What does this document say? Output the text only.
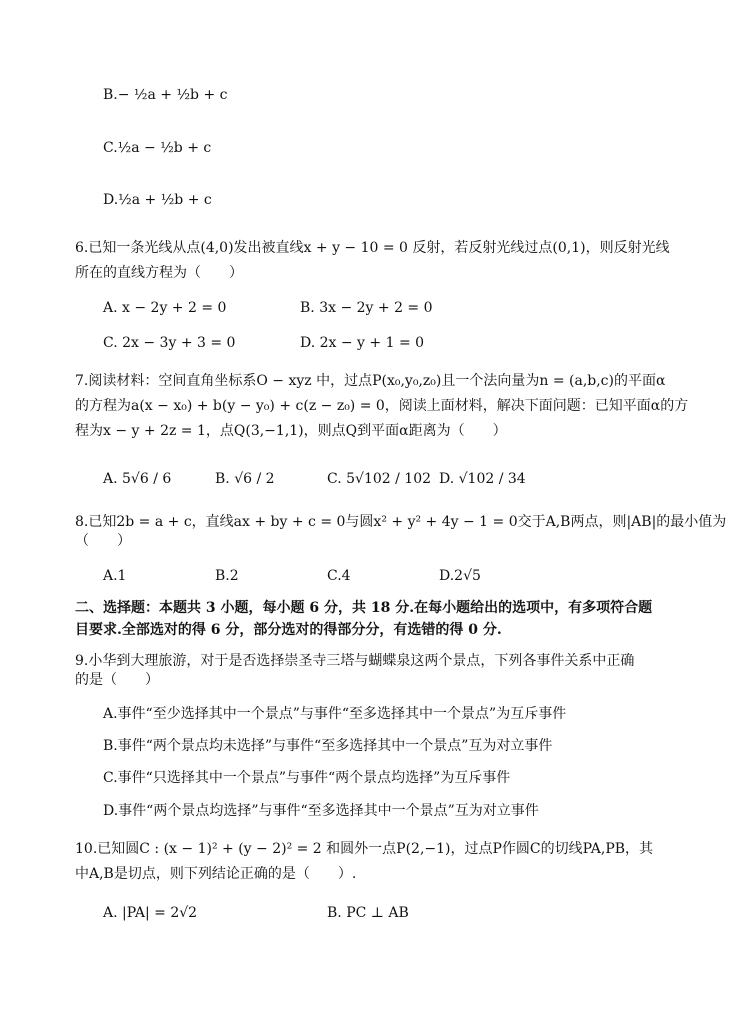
B.− ½a + ½b + c
C.½a − ½b + c
D.½a + ½b + c
6.已知一条光线从点(4,0)发出被直线x + y − 10 = 0 反射，若反射光线过点(0,1)，则反射光线
所在的直线方程为（　　）
A. x − 2y + 2 = 0	B. 3x − 2y + 2 = 0
C. 2x − 3y + 3 = 0	D. 2x − y + 1 = 0
7.阅读材料：空间直角坐标系O − xyz 中，过点P(x₀,y₀,z₀)且一个法向量为n = (a,b,c)的平面α
的方程为a(x − x₀) + b(y − y₀) + c(z − z₀) = 0，阅读上面材料，解决下面问题：已知平面α的方
程为x − y + 2z = 1，点Q(3,−1,1)，则点Q到平面α距离为（　　）
A. 5√6 / 6	B. √6 / 2	C. 5√102 / 102 D. √102 / 34
8.已知2b = a + c，直线ax + by + c = 0与圆x² + y² + 4y − 1 = 0交于A,B两点，则|AB|的最小值为
（　　）
A.1	B.2	C.4	D.2√5
二、选择题：本题共 3 小题，每小题 6 分，共 18 分.在每小题给出的选项中，有多项符合题
目要求.全部选对的得 6 分，部分选对的得部分分，有选错的得 0 分.
9.小华到大理旅游，对于是否选择崇圣寺三塔与蝴蝶泉这两个景点，下列各事件关系中正确
的是（　　）
A.事件“至少选择其中一个景点”与事件“至多选择其中一个景点”为互斥事件
B.事件“两个景点均未选择”与事件“至多选择其中一个景点”互为对立事件
C.事件“只选择其中一个景点”与事件“两个景点均选择”为互斥事件
D.事件“两个景点均选择”与事件“至多选择其中一个景点”互为对立事件
10.已知圆C : (x − 1)² + (y − 2)² = 2 和圆外一点P(2,−1)，过点P作圆C的切线PA,PB，其
中A,B是切点，则下列结论正确的是（　　）.
A. |PA| = 2√2	B. PC ⊥ AB
